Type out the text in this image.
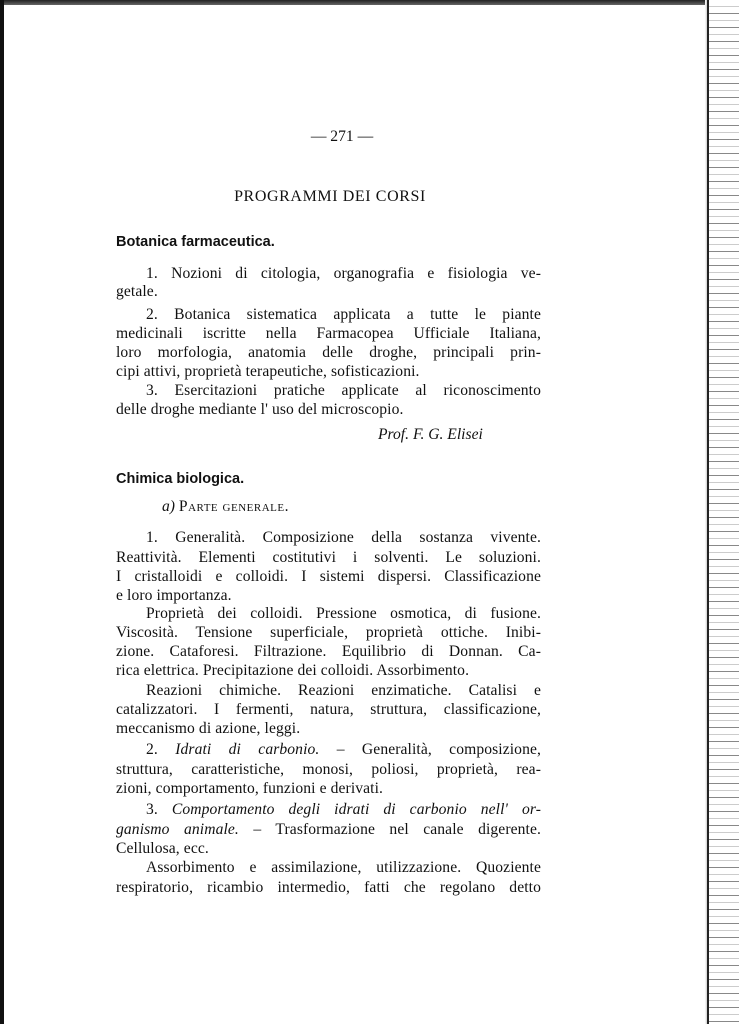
— 271 —
PROGRAMMI DEI CORSI
Botanica farmaceutica.
1. Nozioni di citologia, organografia e fisiologia ve-
getale.
2. Botanica sistematica applicata a tutte le piante
medicinali iscritte nella Farmacopea Ufficiale Italiana,
loro morfologia, anatomia delle droghe, principali prin-
cipi attivi, proprietà terapeutiche, sofisticazioni.
3. Esercitazioni pratiche applicate al riconoscimento
delle droghe mediante l' uso del microscopio.
Prof. F. G. Elisei
Chimica biologica.
a) Parte generale.
1. Generalità. Composizione della sostanza vivente.
Reattività. Elementi costitutivi i solventi. Le soluzioni.
I cristalloidi e colloidi. I sistemi dispersi. Classificazione
e loro importanza.
Proprietà dei colloidi. Pressione osmotica, di fusione.
Viscosità. Tensione superficiale, proprietà ottiche. Inibi-
zione. Cataforesi. Filtrazione. Equilibrio di Donnan. Ca-
rica elettrica. Precipitazione dei colloidi. Assorbimento.
Reazioni chimiche. Reazioni enzimatiche. Catalisi e
catalizzatori. I fermenti, natura, struttura, classificazione,
meccanismo di azione, leggi.
2. Idrati di carbonio. – Generalità, composizione,
struttura, caratteristiche, monosi, poliosi, proprietà, rea-
zioni, comportamento, funzioni e derivati.
3. Comportamento degli idrati di carbonio nell' or-
ganismo animale. – Trasformazione nel canale digerente.
Cellulosa, ecc.
Assorbimento e assimilazione, utilizzazione. Quoziente
respiratorio, ricambio intermedio, fatti che regolano detto
